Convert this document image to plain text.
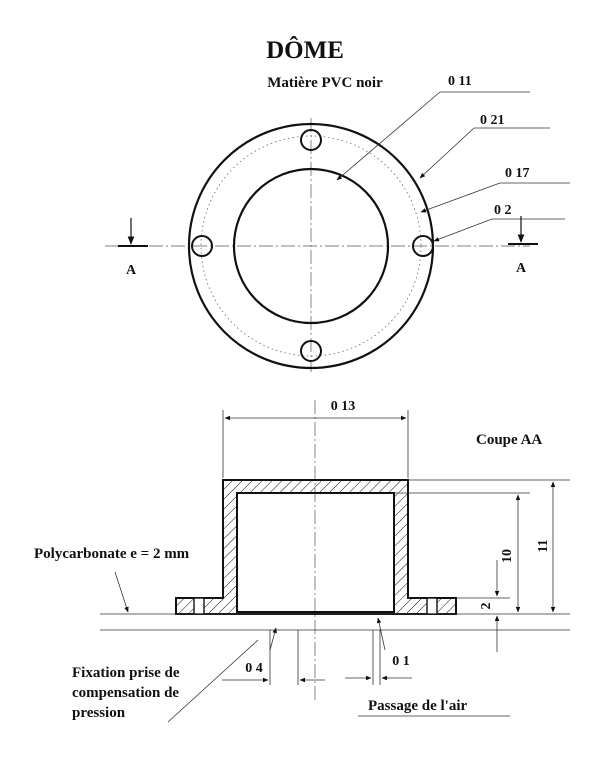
DÔME
Matière PVC noir	0 11
0 21
0 17
0 2
A	A
Coupe AA
0 13
11
10
2
Polycarbonate e = 2 mm
0 4	0 1
Fixation prise de
compensation de
pression	Passage de l'air
